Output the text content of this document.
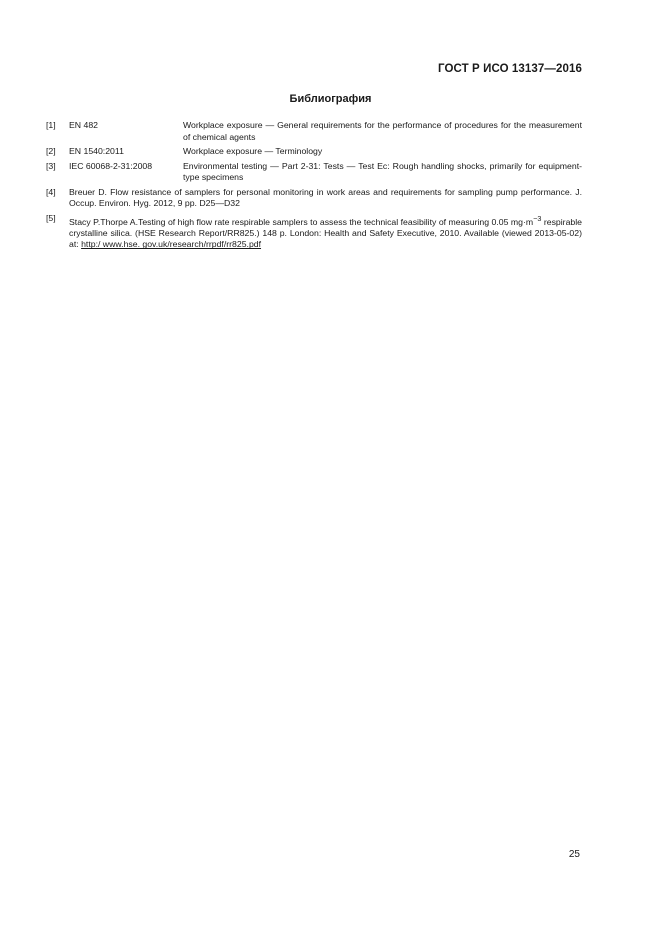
ГОСТ Р ИСО 13137—2016
Библиография
[1]	EN 482	Workplace exposure — General requirements for the performance of procedures for the measurement of chemical agents
[2]	EN 1540:2011	Workplace exposure — Terminology
[3]	IEC 60068-2-31:2008	Environmental testing — Part 2-31: Tests — Test Ec: Rough handling shocks, primarily for equipment-type specimens
[4]	Breuer D. Flow resistance of samplers for personal monitoring in work areas and requirements for sampling pump performance. J. Occup. Environ. Hyg. 2012, 9 pp. D25—D32
[5]	Stacy P.Thorpe A.Testing of high flow rate respirable samplers to assess the technical feasibility of measuring 0.05 $mg\cdot m^{-3}$ respirable crystalline silica. (HSE Research Report/RR825.) 148 p. London: Health and Safety Executive, 2010. Available (viewed 2013-05-02) at: http:/ www.hse. gov.uk/research/rrpdf/rr825.pdf
25
